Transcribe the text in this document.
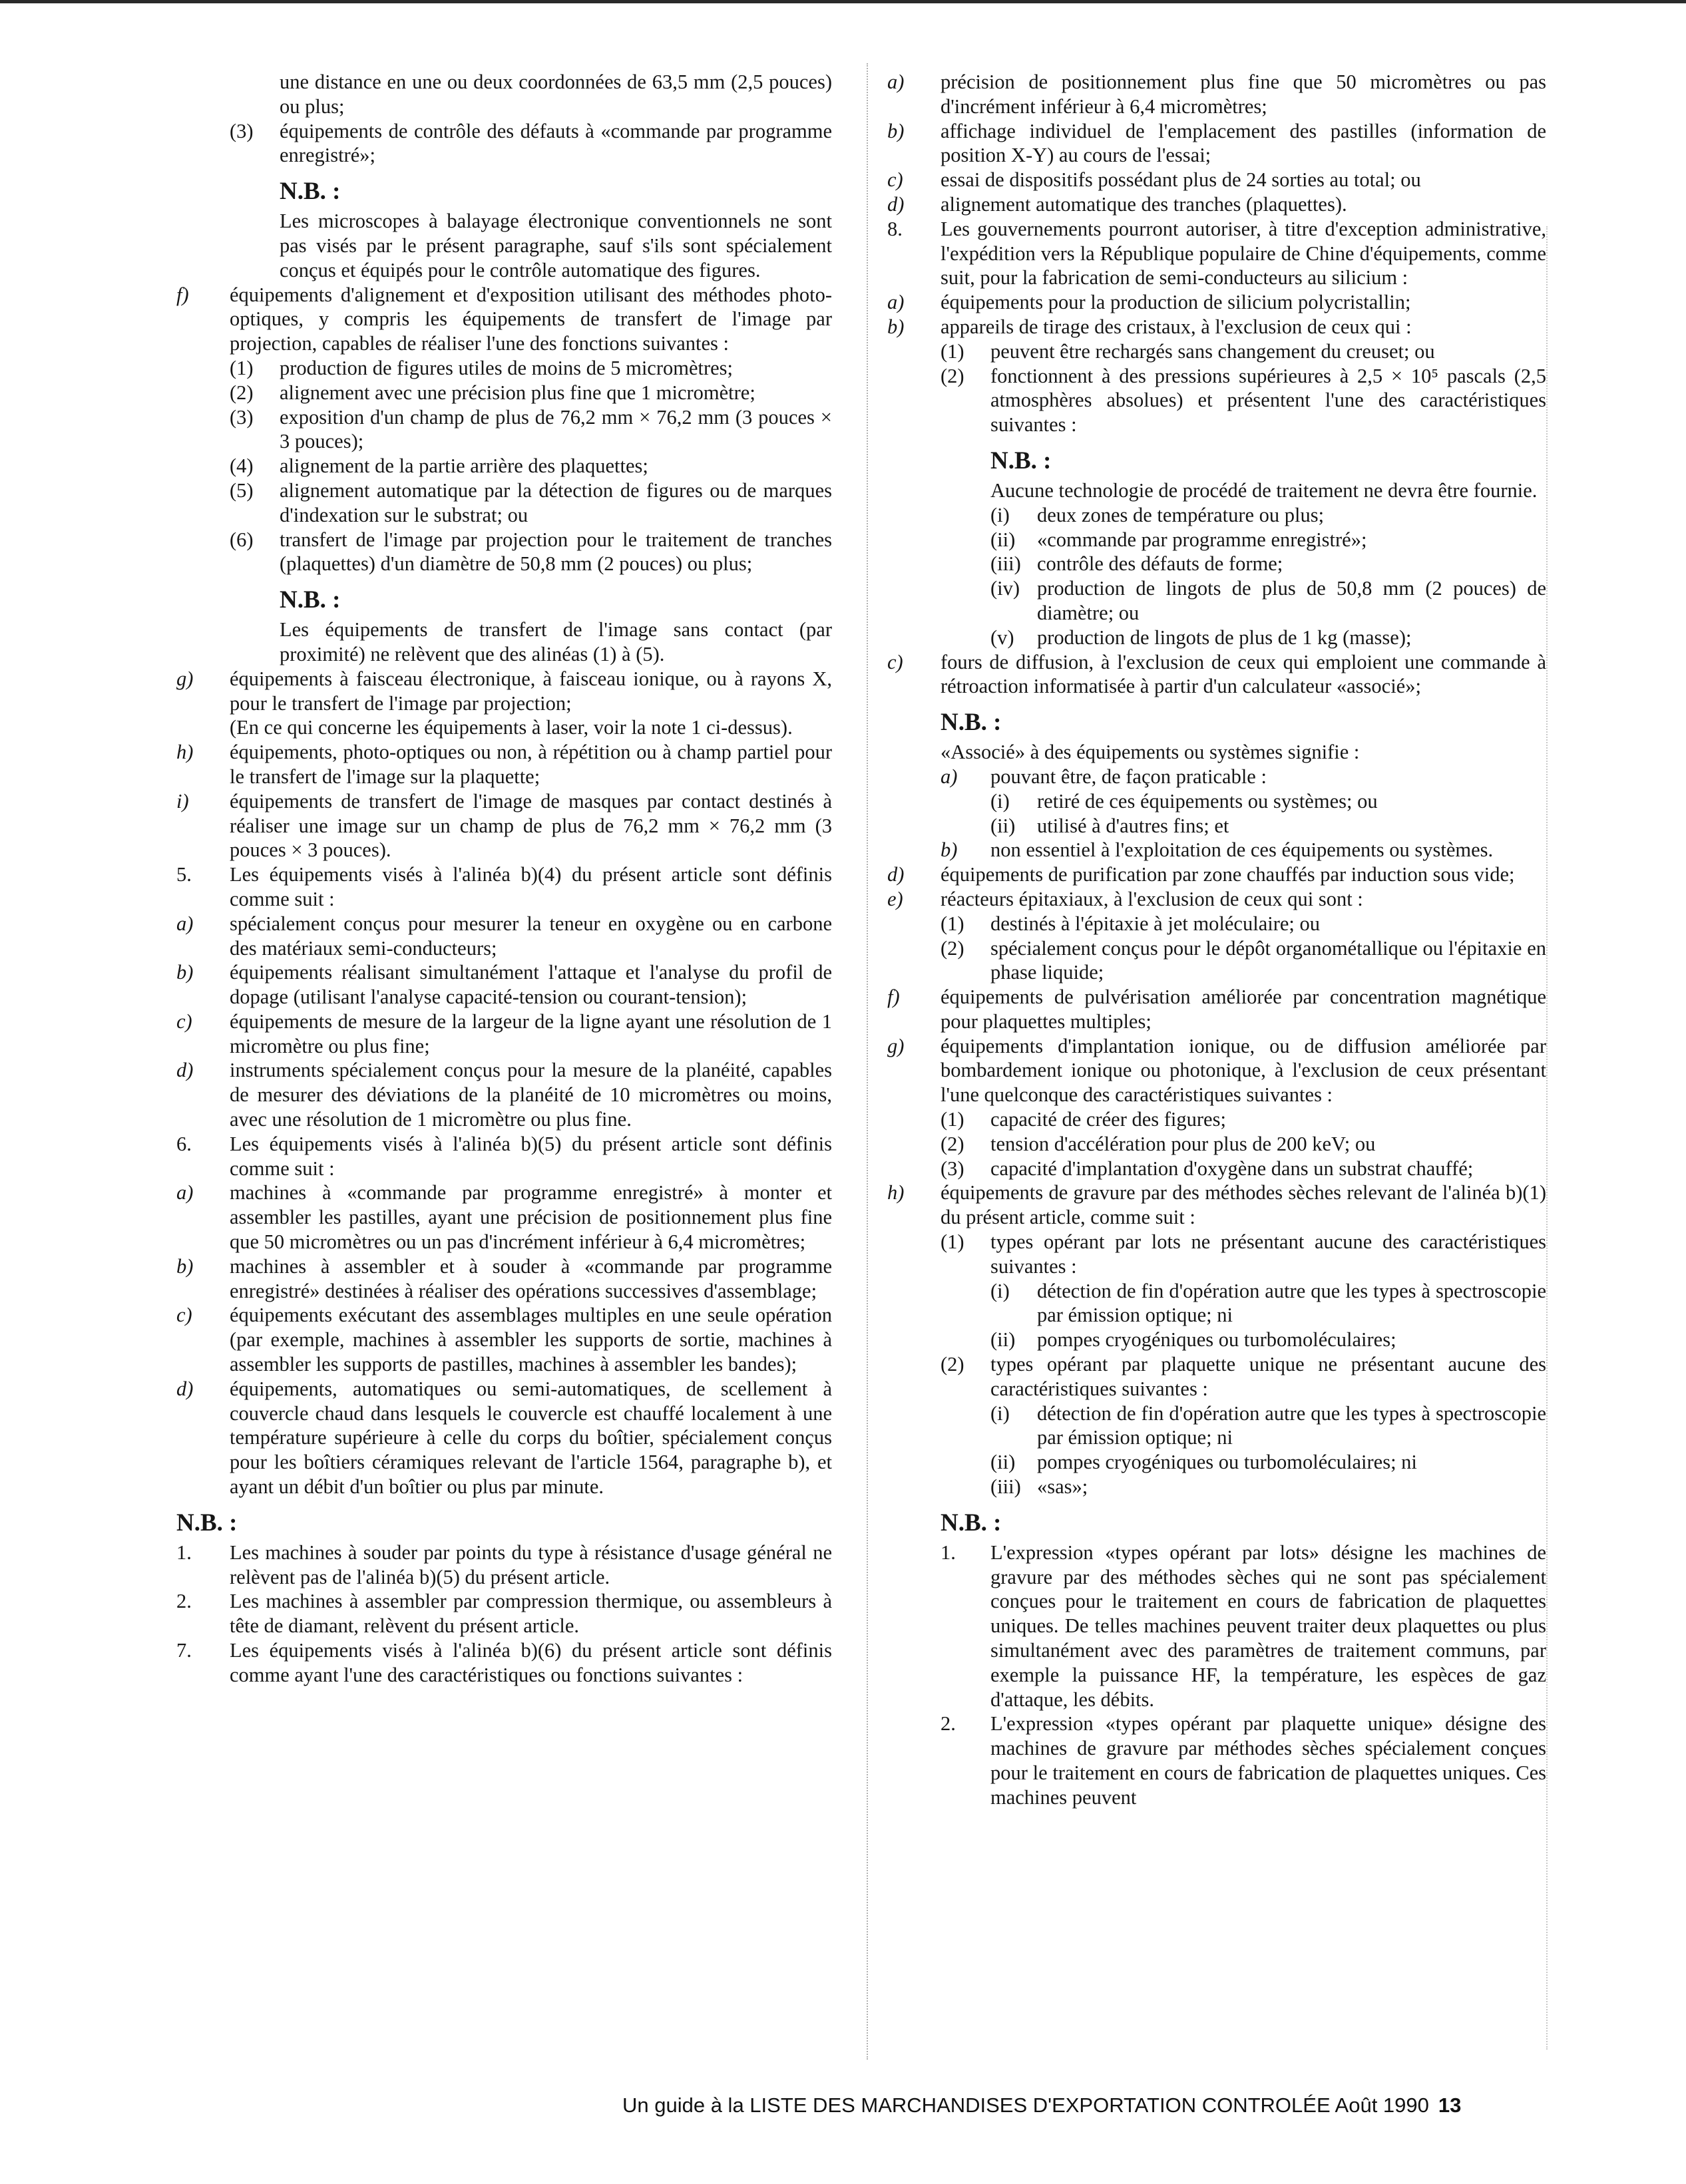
une distance en une ou deux coordonnées de 63,5 mm (2,5 pouces) ou plus;
(3)	équipements de contrôle des défauts à «commande par programme enregistré»;
N.B. :
Les microscopes à balayage électronique conventionnels ne sont pas visés par le présent paragraphe, sauf s'ils sont spécialement conçus et équipés pour le contrôle automatique des figures.
f)	équipements d'alignement et d'exposition utilisant des méthodes photo-optiques, y compris les équipements de transfert de l'image par projection, capables de réaliser l'une des fonctions suivantes :
(1)	production de figures utiles de moins de 5 micromètres;
(2)	alignement avec une précision plus fine que 1 micromètre;
(3)	exposition d'un champ de plus de 76,2 mm × 76,2 mm (3 pouces × 3 pouces);
(4)	alignement de la partie arrière des plaquettes;
(5)	alignement automatique par la détection de figures ou de marques d'indexation sur le substrat; ou
(6)	transfert de l'image par projection pour le traitement de tranches (plaquettes) d'un diamètre de 50,8 mm (2 pouces) ou plus;
N.B. :
Les équipements de transfert de l'image sans contact (par proximité) ne relèvent que des alinéas (1) à (5).
g)	équipements à faisceau électronique, à faisceau ionique, ou à rayons X, pour le transfert de l'image par projection;
(En ce qui concerne les équipements à laser, voir la note 1 ci-dessus).
h)	équipements, photo-optiques ou non, à répétition ou à champ partiel pour le transfert de l'image sur la plaquette;
i)	équipements de transfert de l'image de masques par contact destinés à réaliser une image sur un champ de plus de 76,2 mm × 76,2 mm (3 pouces × 3 pouces).
5.	Les équipements visés à l'alinéa b)(4) du présent article sont définis comme suit :
a)	spécialement conçus pour mesurer la teneur en oxygène ou en carbone des matériaux semi-conducteurs;
b)	équipements réalisant simultanément l'attaque et l'analyse du profil de dopage (utilisant l'analyse capacité-tension ou courant-tension);
c)	équipements de mesure de la largeur de la ligne ayant une résolution de 1 micromètre ou plus fine;
d)	instruments spécialement conçus pour la mesure de la planéité, capables de mesurer des déviations de la planéité de 10 micromètres ou moins, avec une résolution de 1 micromètre ou plus fine.
6.	Les équipements visés à l'alinéa b)(5) du présent article sont définis comme suit :
a)	machines à «commande par programme enregistré» à monter et assembler les pastilles, ayant une précision de positionnement plus fine que 50 micromètres ou un pas d'incrément inférieur à 6,4 micromètres;
b)	machines à assembler et à souder à «commande par programme enregistré» destinées à réaliser des opérations successives d'assemblage;
c)	équipements exécutant des assemblages multiples en une seule opération (par exemple, machines à assembler les supports de sortie, machines à assembler les supports de pastilles, machines à assembler les bandes);
d)	équipements, automatiques ou semi-automatiques, de scellement à couvercle chaud dans lesquels le couvercle est chauffé localement à une température supérieure à celle du corps du boîtier, spécialement conçus pour les boîtiers céramiques relevant de l'article 1564, paragraphe b), et ayant un débit d'un boîtier ou plus par minute.
N.B. :
1.	Les machines à souder par points du type à résistance d'usage général ne relèvent pas de l'alinéa b)(5) du présent article.
2.	Les machines à assembler par compression thermique, ou assembleurs à tête de diamant, relèvent du présent article.
7.	Les équipements visés à l'alinéa b)(6) du présent article sont définis comme ayant l'une des caractéristiques ou fonctions suivantes :
a)	précision de positionnement plus fine que 50 micromètres ou pas d'incrément inférieur à 6,4 micromètres;
b)	affichage individuel de l'emplacement des pastilles (information de position X-Y) au cours de l'essai;
c)	essai de dispositifs possédant plus de 24 sorties au total; ou
d)	alignement automatique des tranches (plaquettes).
8.	Les gouvernements pourront autoriser, à titre d'exception administrative, l'expédition vers la République populaire de Chine d'équipements, comme suit, pour la fabrication de semi-conducteurs au silicium :
a)	équipements pour la production de silicium polycristallin;
b)	appareils de tirage des cristaux, à l'exclusion de ceux qui :
(1)	peuvent être rechargés sans changement du creuset; ou
(2)	fonctionnent à des pressions supérieures à 2,5 × 10⁵ pascals (2,5 atmosphères absolues) et présentent l'une des caractéristiques suivantes :
N.B. :
Aucune technologie de procédé de traitement ne devra être fournie.
(i)	deux zones de température ou plus;
(ii)	«commande par programme enregistré»;
(iii) contrôle des défauts de forme;
(iv) production de lingots de plus de 50,8 mm (2 pouces) de diamètre; ou
(v)	production de lingots de plus de 1 kg (masse);
c)	fours de diffusion, à l'exclusion de ceux qui emploient une commande à rétroaction informatisée à partir d'un calculateur «associé»;
N.B. :
«Associé» à des équipements ou systèmes signifie :
a)	pouvant être, de façon praticable :
(i)	retiré de ces équipements ou systèmes; ou
(ii)	utilisé à d'autres fins; et
b)	non essentiel à l'exploitation de ces équipements ou systèmes.
d)	équipements de purification par zone chauffés par induction sous vide;
e)	réacteurs épitaxiaux, à l'exclusion de ceux qui sont :
(1)	destinés à l'épitaxie à jet moléculaire; ou
(2)	spécialement conçus pour le dépôt organométallique ou l'épitaxie en phase liquide;
f)	équipements de pulvérisation améliorée par concentration magnétique pour plaquettes multiples;
g)	équipements d'implantation ionique, ou de diffusion améliorée par bombardement ionique ou photonique, à l'exclusion de ceux présentant l'une quelconque des caractéristiques suivantes :
(1)	capacité de créer des figures;
(2)	tension d'accélération pour plus de 200 keV; ou
(3)	capacité d'implantation d'oxygène dans un substrat chauffé;
h)	équipements de gravure par des méthodes sèches relevant de l'alinéa b)(1) du présent article, comme suit :
(1)	types opérant par lots ne présentant aucune des caractéristiques suivantes :
(i)	détection de fin d'opération autre que les types à spectroscopie par émission optique; ni
(ii)	pompes cryogéniques ou turbomoléculaires;
(2)	types opérant par plaquette unique ne présentant aucune des caractéristiques suivantes :
(i)	détection de fin d'opération autre que les types à spectroscopie par émission optique; ni
(ii)	pompes cryogéniques ou turbomoléculaires; ni
(iii) «sas»;
N.B. :
1.	L'expression «types opérant par lots» désigne les machines de gravure par des méthodes sèches qui ne sont pas spécialement conçues pour le traitement en cours de fabrication de plaquettes uniques. De telles machines peuvent traiter deux plaquettes ou plus simultanément avec des paramètres de traitement communs, par exemple la puissance HF, la température, les espèces de gaz d'attaque, les débits.
2.	L'expression «types opérant par plaquette unique» désigne des machines de gravure par méthodes sèches spécialement conçues pour le traitement en cours de fabrication de plaquettes uniques. Ces machines peuvent
Un guide à la LISTE DES MARCHANDISES D'EXPORTATION CONTROLÉE Août 1990 13
